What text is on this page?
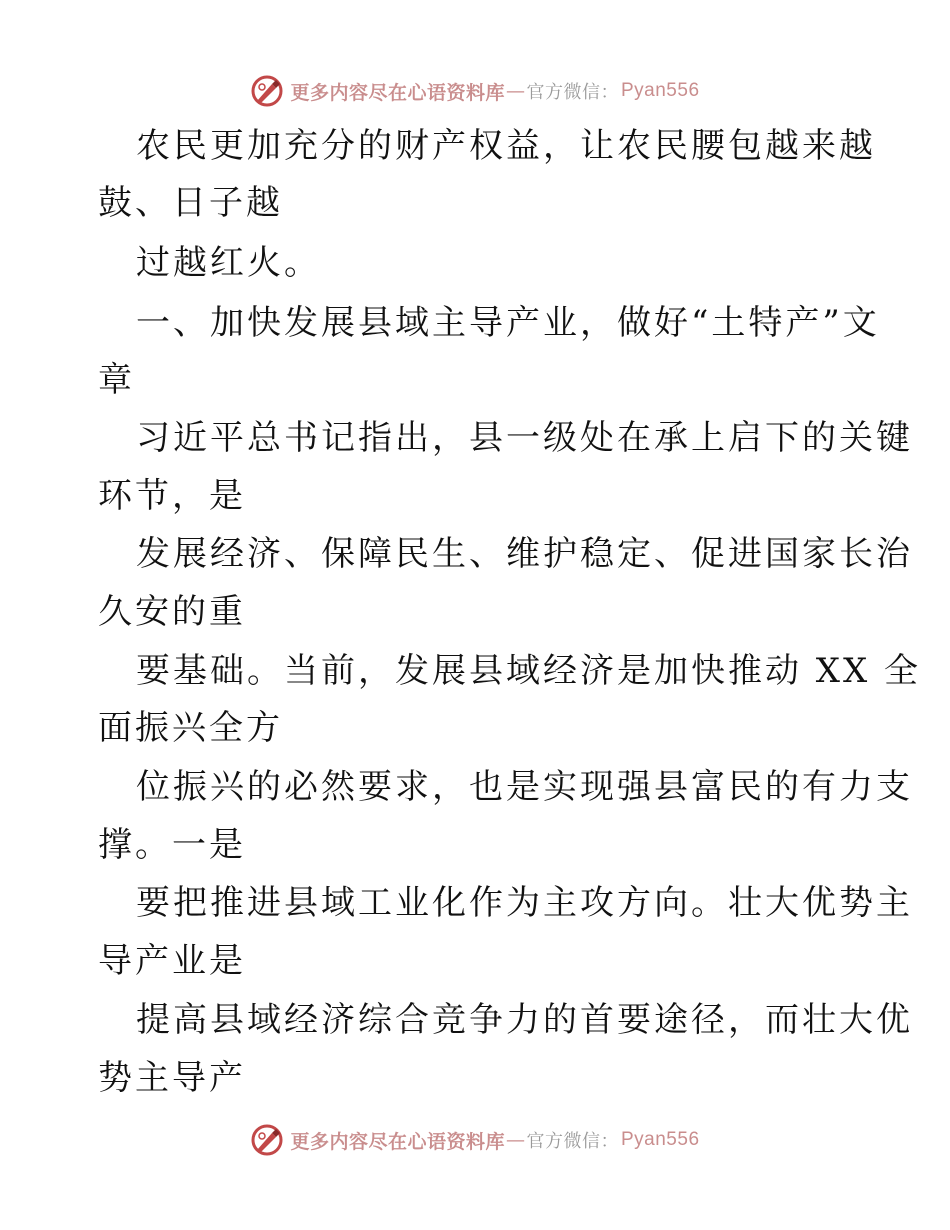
更多内容尽在心语资料库 — 官方微信： Pyan556
农民更加充分的财产权益，让农民腰包越来越
鼓、日子越
过越红火。
一、加快发展县域主导产业，做好“土特产”文
章
习近平总书记指出，县一级处在承上启下的关键
环节，是
发展经济、保障民生、维护稳定、促进国家长治
久安的重
要基础。当前，发展县域经济是加快推动 XX 全
面振兴全方
位振兴的必然要求，也是实现强县富民的有力支
撑。一是
要把推进县域工业化作为主攻方向。壮大优势主
导产业是
提高县域经济综合竞争力的首要途径，而壮大优
势主导产
更多内容尽在心语资料库 — 官方微信： Pyan556
